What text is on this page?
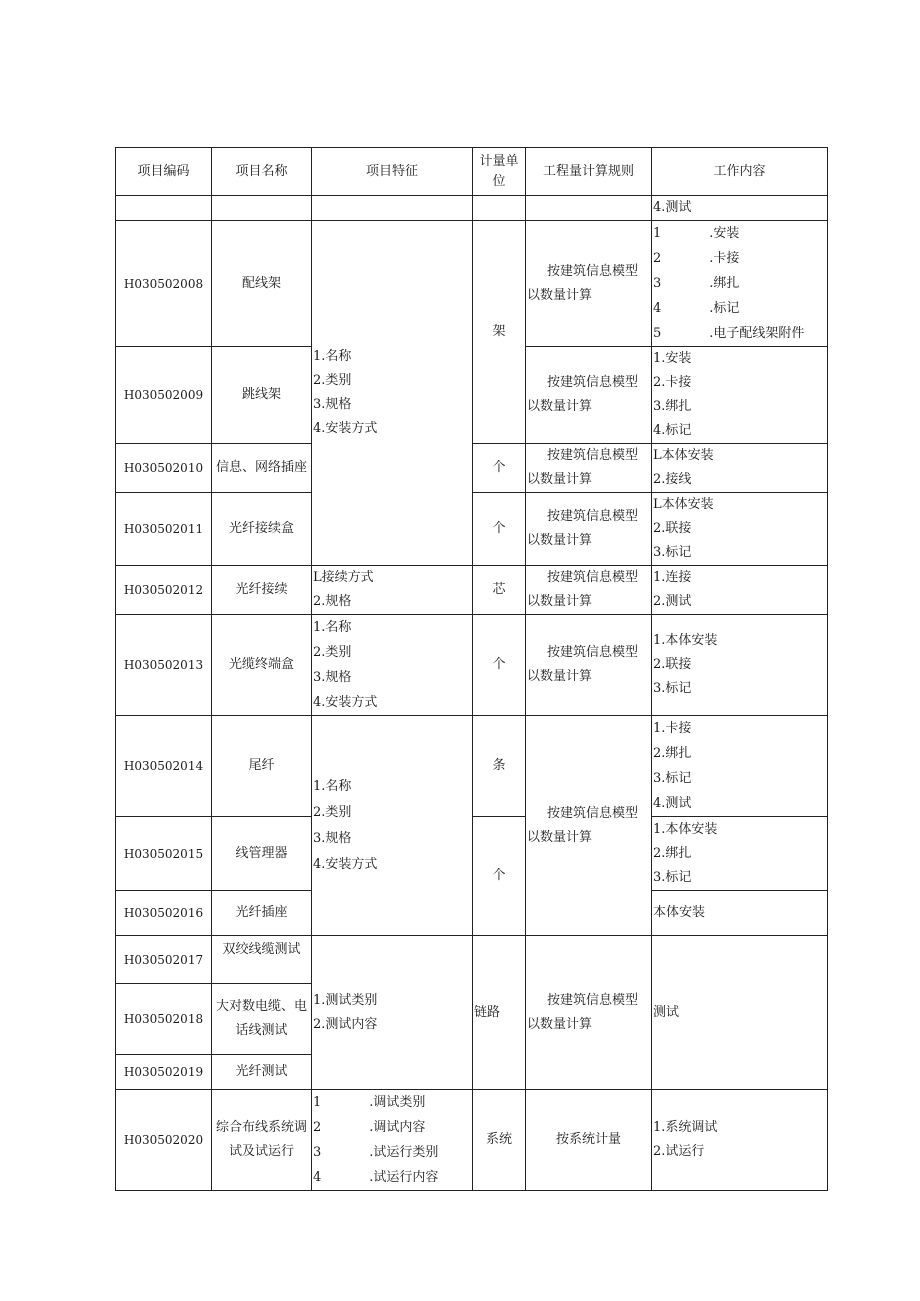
项目编码	项目名称	项目特征	计量单位	工程量计算规则	工作内容
					4.测试
H030502008	配线架	1.名称
2.类别
3.规格
4.安装方式	架	按建筑信息模型
以数量计算	1 .安装
2 .卡接
3 .绑扎
4 .标记
5 .电子配线架附件

H030502009	跳线架			按建筑信息模型
以数量计算	1.安装
2.卡接
3.绑扎
4.标记

H030502010	信息、网络插座		个	按建筑信息模型
以数量计算	L本体安装
2.接线

H030502011	光纤接续盒		个	按建筑信息模型
以数量计算	L本体安装
2.联接
3.标记

H030502012	光纤接续	L接续方式
2.规格	芯	按建筑信息模型
以数量计算	1.连接
2.测试

H030502013	光缆终端盒	1.名称
2.类别
3.规格
4.安装方式	个	按建筑信息模型
以数量计算	1.本体安装
2.联接
3.标记

H030502014	尾纤	1.名称
2.类别
3.规格
4.安装方式	条	按建筑信息模型
以数量计算	1.卡接
2.绑扎
3.标记
4.测试

H030502015	线管理器		个		1.本体安装
2.绑扎
3.标记

H030502016	光纤插座				本体安装
H030502017	双绞线缆测试	1.测试类别
2.测试内容	链路	按建筑信息模型
以数量计算	测试
H030502018	大对数电缆、电
话线测试				

H030502019	光纤测试				
H030502020	综合布线系统调
试及试运行	1 .调试类别
2 .调试内容
3 .试运行类别
4 .试运行内容	系统	按系统计量	1.系统调试
2.试运行
